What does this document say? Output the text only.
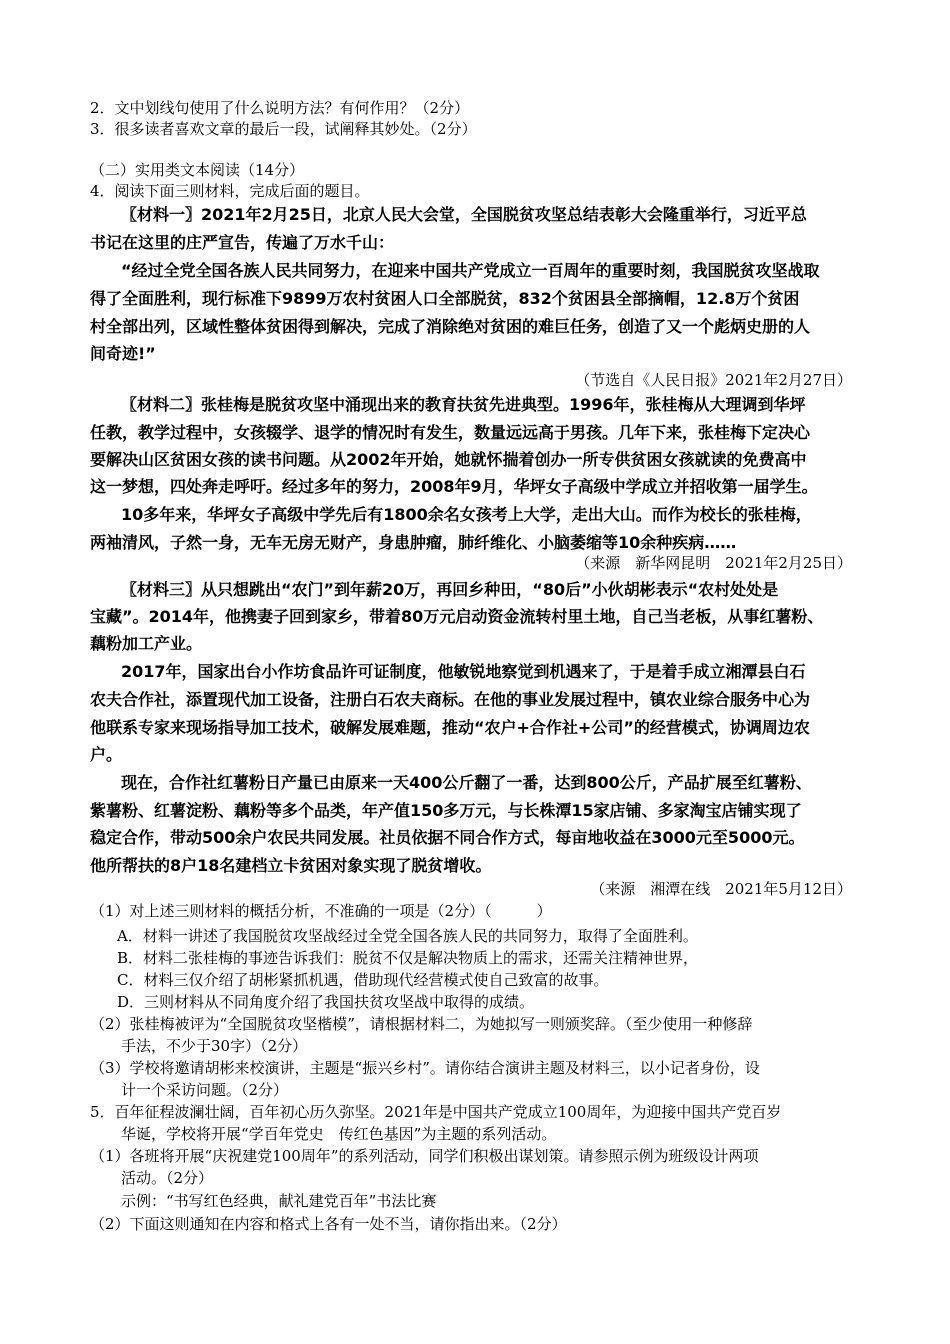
2．文中划线句使用了什么说明方法？有何作用？（2分）
3．很多读者喜欢文章的最后一段，试阐释其妙处。（2分）
（二）实用类文本阅读（14分）
4．阅读下面三则材料，完成后面的题目。
〖材料一〗2021年2月25日，北京人民大会堂，全国脱贫攻坚总结表彰大会隆重举行，习近平总
书记在这里的庄严宣告，传遍了万水千山：
“经过全党全国各族人民共同努力，在迎来中国共产党成立一百周年的重要时刻，我国脱贫攻坚战取
得了全面胜利，现行标准下9899万农村贫困人口全部脱贫，832个贫困县全部摘帽，12.8万个贫困
村全部出列，区域性整体贫困得到解决，完成了消除绝对贫困的难巨任务，创造了又一个彪炳史册的人
间奇迹!”
（节选自《人民日报》2021年2月27日）
〖材料二〗张桂梅是脱贫攻坚中涌现出来的教育扶贫先进典型。1996年，张桂梅从大理调到华坪
任教，教学过程中，女孩辍学、退学的情况时有发生，数量远远高于男孩。几年下来，张桂梅下定决心
要解决山区贫困女孩的读书问题。从2002年开始，她就怀揣着创办一所专供贫困女孩就读的免费高中
这一梦想，四处奔走呼吁。经过多年的努力，2008年9月，华坪女子高级中学成立并招收第一届学生。
10多年来，华坪女子高级中学先后有1800余名女孩考上大学，走出大山。而作为校长的张桂梅，
两袖清风，子然一身，无车无房无财产，身患肿瘤，肺纤维化、小脑萎缩等10余种疾病……
（来源　新华网昆明　2021年2月25日）
〖材料三〗从只想跳出“农门”到年薪20万，再回乡种田，“80后”小伙胡彬表示“农村处处是
宝藏”。2014年，他携妻子回到家乡，带着80万元启动资金流转村里土地，自己当老板，从事红薯粉、
藕粉加工产业。
2017年，国家出台小作坊食品许可证制度，他敏锐地察觉到机遇来了，于是着手成立湘潭县白石
农夫合作社，添置现代加工设备，注册白石农夫商标。在他的事业发展过程中，镇农业综合服务中心为
他联系专家来现场指导加工技术，破解发展难题，推动“农户+合作社+公司”的经营模式，协调周边农
户。
现在，合作社红薯粉日产量已由原来一天400公斤翻了一番，达到800公斤，产品扩展至红薯粉、
紫薯粉、红薯淀粉、藕粉等多个品类，年产值150多万元，与长株潭15家店铺、多家淘宝店铺实现了
稳定合作，带动500余户农民共同发展。社员依据不同合作方式，每亩地收益在3000元至5000元。
他所帮扶的8户18名建档立卡贫困对象实现了脱贫增收。
（来源　湘潭在线　2021年5月12日）
（1）对上述三则材料的概括分析，不准确的一项是（2分）（　　　）
A．材料一讲述了我国脱贫攻坚战经过全党全国各族人民的共同努力，取得了全面胜利。
B．材料二张桂梅的事迹告诉我们：脱贫不仅是解决物质上的需求，还需关注精神世界，
C．材料三仅介绍了胡彬紧抓机遇，借助现代经营模式使自己致富的故事。
D．三则材料从不同角度介绍了我国扶贫攻坚战中取得的成绩。
（2）张桂梅被评为“全国脱贫攻坚楷模”，请根据材料二，为她拟写一则颁奖辞。（至少使用一种修辞
手法，不少于30字）（2分）
（3）学校将邀请胡彬来校演讲，主题是“振兴乡村”。请你结合演讲主题及材料三，以小记者身份，设
计一个采访问题。（2分）
5．百年征程波澜壮阔，百年初心历久弥坚。2021年是中国共产党成立100周年，为迎接中国共产党百岁
华诞，学校将开展“学百年党史　传红色基因”为主题的系列活动。
（1）各班将开展“庆祝建党100周年”的系列活动，同学们积极出谋划策。请参照示例为班级设计两项
活动。（2分）
示例：“书写红色经典，献礼建党百年”书法比赛
（2）下面这则通知在内容和格式上各有一处不当，请你指出来。（2分）
